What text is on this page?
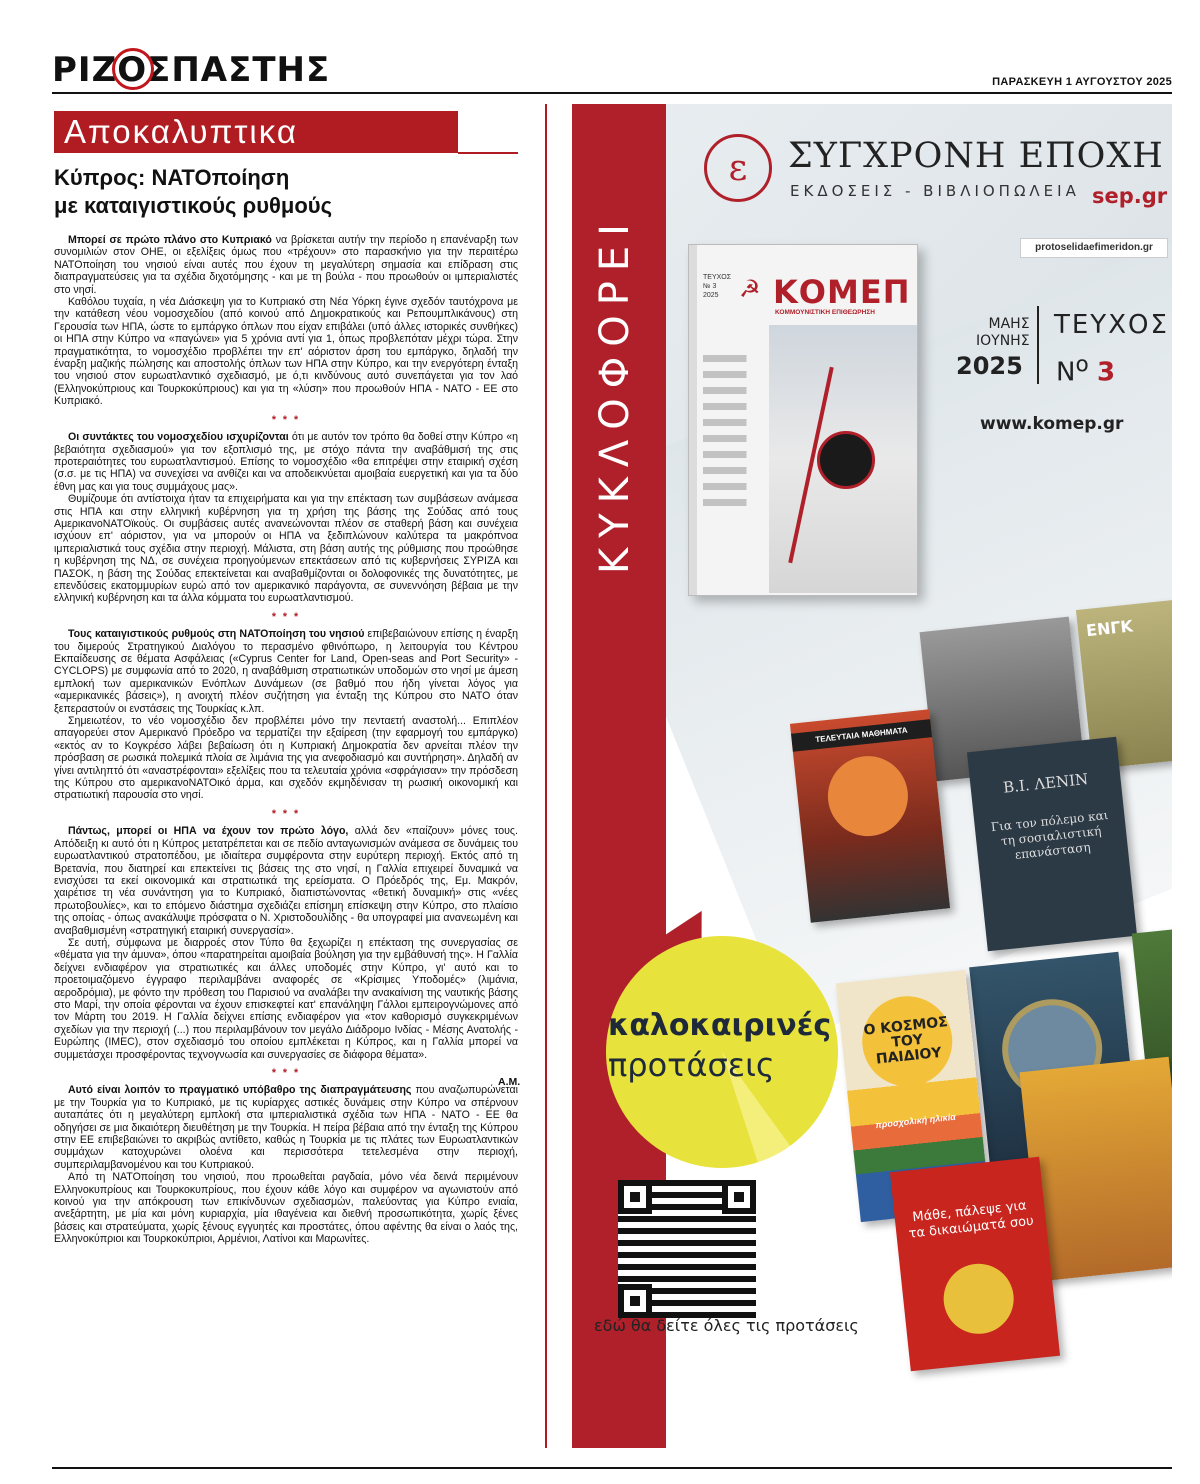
ΡΙΖΟΣΠΑΣΤΗΣ	ΠΑΡΑΣΚΕΥΗ 1 ΑΥΓΟΥΣΤΟΥ 2025
Αποκαλυπτικα
Κύπρος: ΝΑΤΟποίηση
με καταιγιστικούς ρυθμούς

Μπορεί σε πρώτο πλάνο στο Κυπριακό να βρίσκεται αυτήν την περίοδο η επανέναρξη των συνομιλιών στον ΟΗΕ, οι εξελίξεις όμως που «τρέχουν» στο παρασκήνιο για την περαιτέρω ΝΑΤΟποίηση του νησιού είναι αυτές που έχουν τη μεγαλύτερη σημασία και επίδραση στις διαπραγματεύσεις για τα σχέδια διχοτόμησης - και με τη βούλα - που προωθούν οι ιμπεριαλιστές στο νησί.

Καθόλου τυχαία, η νέα Διάσκεψη για το Κυπριακό στη Νέα Υόρκη έγινε σχεδόν ταυτόχρονα με την κατάθεση νέου νομοσχεδίου (από κοινού από Δημοκρατικούς και Ρεπουμπλικάνους) στη Γερουσία των ΗΠΑ, ώστε το εμπάργκο όπλων που είχαν επιβάλει (υπό άλλες ιστορικές συνθήκες) οι ΗΠΑ στην Κύπρο να «παγώνει» για 5 χρόνια αντί για 1, όπως προβλεπόταν μέχρι τώρα. Στην πραγματικότητα, το νομοσχέδιο προβλέπει την επ' αόριστον άρση του εμπάργκο, δηλαδή την έναρξη μαζικής πώλησης και αποστολής όπλων των ΗΠΑ στην Κύπρο, και την ενεργότερη ένταξη του νησιού στον ευρωατλαντικό σχεδιασμό, με ό,τι κινδύνους αυτό συνεπάγεται για τον λαό (Ελληνοκύπριους και Τουρκοκύπριους) και για τη «λύση» που προωθούν ΗΠΑ - ΝΑΤΟ - ΕΕ στο Κυπριακό.

* * *

Οι συντάκτες του νομοσχεδίου ισχυρίζονται ότι με αυτόν τον τρόπο θα δοθεί στην Κύπρο «η βεβαιότητα σχεδιασμού» για τον εξοπλισμό της, με στόχο πάντα την αναβάθμισή της στις προτεραιότητες του ευρωατλαντισμού. Επίσης το νομοσχέδιο «θα επιτρέψει στην εταιρική σχέση (σ.σ. με τις ΗΠΑ) να συνεχίσει να ανθίζει και να αποδεικνύεται αμοιβαία ευεργετική και για τα δύο έθνη μας και για τους συμμάχους μας».

Θυμίζουμε ότι αντίστοιχα ήταν τα επιχειρήματα και για την επέκταση των συμβάσεων ανάμεσα στις ΗΠΑ και στην ελληνική κυβέρνηση για τη χρήση της βάσης της Σούδας από τους ΑμερικανοΝΑΤΟϊκούς. Οι συμβάσεις αυτές ανανεώνονται πλέον σε σταθερή βάση και συνέχεια ισχύουν επ' αόριστον, για να μπορούν οι ΗΠΑ να ξεδιπλώνουν καλύτερα τα μακρόπνοα ιμπεριαλιστικά τους σχέδια στην περιοχή. Μάλιστα, στη βάση αυτής της ρύθμισης που προώθησε η κυβέρνηση της ΝΔ, σε συνέχεια προηγούμενων επεκτάσεων από τις κυβερνήσεις ΣΥΡΙΖΑ και ΠΑΣΟΚ, η βάση της Σούδας επεκτείνεται και αναβαθμίζονται οι δολοφονικές της δυνατότητες, με επενδύσεις εκατομμυρίων ευρώ από τον αμερικανικό παράγοντα, σε συνεννόηση βέβαια με την ελληνική κυβέρνηση και τα άλλα κόμματα του ευρωατλαντισμού.

* * *

Τους καταιγιστικούς ρυθμούς στη ΝΑΤΟποίηση του νησιού επιβεβαιώνουν επίσης η έναρξη του διμερούς Στρατηγικού Διαλόγου το περασμένο φθινόπωρο, η λειτουργία του Κέντρου Εκπαίδευσης σε θέματα Ασφάλειας («Cyprus Center for Land, Open-seas and Port Security» - CYCLOPS) με συμφωνία από το 2020, η αναβάθμιση στρατιωτικών υποδομών στο νησί με άμεση εμπλοκή των αμερικανικών Ενόπλων Δυνάμεων (σε βαθμό που ήδη γίνεται λόγος για «αμερικανικές βάσεις»), η ανοιχτή πλέον συζήτηση για ένταξη της Κύπρου στο ΝΑΤΟ όταν ξεπεραστούν οι ενστάσεις της Τουρκίας κ.λπ.

Σημειωτέον, το νέο νομοσχέδιο δεν προβλέπει μόνο την πενταετή αναστολή... Επιπλέον απαγορεύει στον Αμερικανό Πρόεδρο να τερματίζει την εξαίρεση (την εφαρμογή του εμπάργκο) «εκτός αν το Κογκρέσο λάβει βεβαίωση ότι η Κυπριακή Δημοκρατία δεν αρνείται πλέον την πρόσβαση σε ρωσικά πολεμικά πλοία σε λιμάνια της για ανεφοδιασμό και συντήρηση». Δηλαδή αν γίνει αντιληπτό ότι «αναστρέφονται» εξελίξεις που τα τελευταία χρόνια «σφράγισαν» την πρόσδεση της Κύπρου στο αμερικανοΝΑΤΟικό άρμα, και σχεδόν εκμηδένισαν τη ρωσική οικονομική και στρατιωτική παρουσία στο νησί.

* * *

Πάντως, μπορεί οι ΗΠΑ να έχουν τον πρώτο λόγο, αλλά δεν «παίζουν» μόνες τους. Απόδειξη κι αυτό ότι η Κύπρος μετατρέπεται και σε πεδίο ανταγωνισμών ανάμεσα σε δυνάμεις του ευρωατλαντικού στρατοπέδου, με ιδιαίτερα συμφέροντα στην ευρύτερη περιοχή. Εκτός από τη Βρετανία, που διατηρεί και επεκτείνει τις βάσεις της στο νησί, η Γαλλία επιχειρεί δυναμικά να ενισχύσει τα εκεί οικονομικά και στρατιωτικά της ερείσματα. Ο Πρόεδρός της, Εμ. Μακρόν, χαιρέτισε τη νέα συνάντηση για το Κυπριακό, διαπιστώνοντας «θετική δυναμική» στις «νέες πρωτοβουλίες», και το επόμενο διάστημα σχεδιάζει επίσημη επίσκεψη στην Κύπρο, στο πλαίσιο της οποίας - όπως ανακάλυψε πρόσφατα ο Ν. Χριστοδουλίδης - θα υπογραφεί μια ανανεωμένη και αναβαθμισμένη «στρατηγική εταιρική συνεργασία».

Σε αυτή, σύμφωνα με διαρροές στον Τύπο θα ξεχωρίζει η επέκταση της συνεργασίας σε «θέματα για την άμυνα», όπου «παρατηρείται αμοιβαία βούληση για την εμβάθυνσή της». Η Γαλλία δείχνει ενδιαφέρον για στρατιωτικές και άλλες υποδομές στην Κύπρο, γι' αυτό και το προετοιμαζόμενο έγγραφο περιλαμβάνει αναφορές σε «Κρίσιμες Υποδομές» (λιμάνια, αεροδρόμια), με φόντο την πρόθεση του Παρισιού να αναλάβει την ανακαίνιση της ναυτικής βάσης στο Μαρί, την οποία φέρονται να έχουν επισκεφτεί κατ' επανάληψη Γάλλοι εμπειρογνώμονες από τον Μάρτη του 2019. Η Γαλλία δείχνει επίσης ενδιαφέρον για «τον καθορισμό συγκεκριμένων σχεδίων για την περιοχή (...) που περιλαμβάνουν τον μεγάλο Διάδρομο Ινδίας - Μέσης Ανατολής - Ευρώπης (IMEC), στον σχεδιασμό του οποίου εμπλέκεται η Κύπρος, και η Γαλλία μπορεί να συμμετάσχει προσφέροντας τεχνογνωσία και συνεργασίες σε διάφορα θέματα».

* * *

Αυτό είναι λοιπόν το πραγματικό υπόβαθρο της διαπραγμάτευσης που αναζωπυρώνεται με την Τουρκία για το Κυπριακό, με τις κυρίαρχες αστικές δυνάμεις στην Κύπρο να σπέρνουν αυταπάτες ότι η μεγαλύτερη εμπλοκή στα ιμπεριαλιστικά σχέδια των ΗΠΑ - ΝΑΤΟ - ΕΕ θα οδηγήσει σε μια δικαιότερη διευθέτηση με την Τουρκία. Η πείρα βέβαια από την ένταξη της Κύπρου στην ΕΕ επιβεβαιώνει το ακριβώς αντίθετο, καθώς η Τουρκία με τις πλάτες των Ευρωατλαντικών συμμάχων κατοχυρώνει ολοένα και περισσότερα τετελεσμένα στην περιοχή, συμπεριλαμβανομένου και του Κυπριακού.

Από τη ΝΑΤΟποίηση του νησιού, που προωθείται ραγδαία, μόνο νέα δεινά περιμένουν Ελληνοκυπρίους και Τουρκοκυπρίους, που έχουν κάθε λόγο και συμφέρον να αγωνιστούν από κοινού για την απόκρουση των επικίνδυνων σχεδιασμών, παλεύοντας για Κύπρο ενιαία, ανεξάρτητη, με μία και μόνη κυριαρχία, μία ιθαγένεια και διεθνή προσωπικότητα, χωρίς ξένες βάσεις και στρατεύματα, χωρίς ξένους εγγυητές και προστάτες, όπου αφέντης θα είναι ο λαός της, Ελληνοκύπριοι και Τουρκοκύπριοι, Αρμένιοι, Λατίνοι και Μαρωνίτες.

Α.Μ.
ΚΥΚΛΟΦΟΡΕΙ
ε	ΣΥΓΧΡΟΝΗ ΕΠΟΧΗ
ΕΚΔΟΣΕΙΣ - ΒΙΒΛΙΟΠΩΛΕΙΑ sep.gr
protoselidaefimeridon.gr
ΤΕΥΧΟΣ
№ 3
2025 ☭ ΚΟΜΕΠ
ΚΟΜΜΟΥΝΙΣΤΙΚΗ ΕΠΙΘΕΩΡΗΣΗ
ΜΑΗΣ
ΙΟΥΝΗΣ
2025
ΤΕΥΧΟΣ
$N^o$ 3
www.komep.gr
ΕΝΓΚ
ΤΕΛΕΥΤΑΙΑ ΜΑΘΗΜΑΤΑ
Β.Ι. ΛΕΝΙΝ
Για τον πόλεμο και τη σοσιαλιστική επανάσταση
Ο ΚΟΣΜΟΣ ΤΟΥ ΠΑΙΔΙΟΥ
προσχολική ηλικία
Μάθε, πάλεψε για τα δικαιώματά σου
καλοκαιρινές
προτάσεις
εδώ θα δείτε όλες τις προτάσεις
